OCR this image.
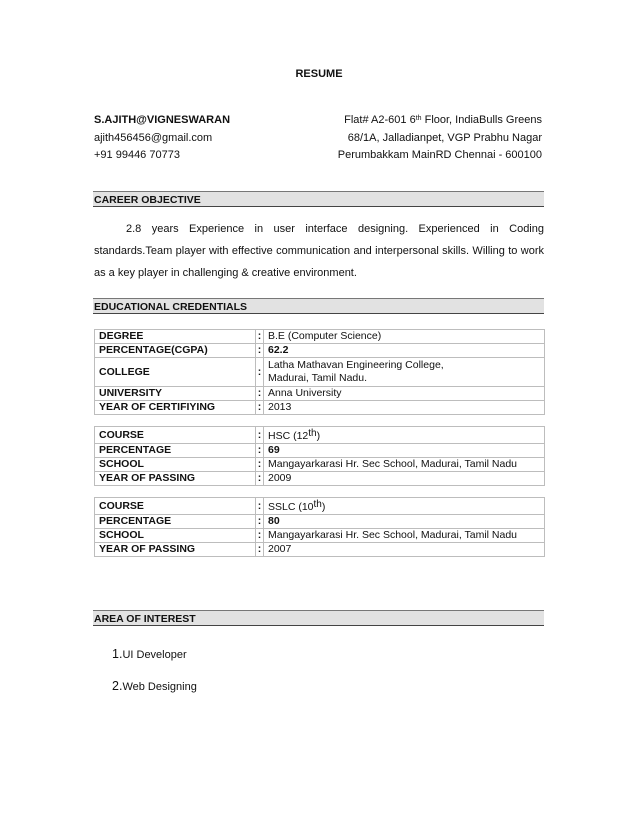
RESUME
S.AJITH@VIGNESWARAN
ajith456456@gmail.com
+91 99446 70773
Flat# A2-601 6th Floor, IndiaBulls Greens
68/1A, Jalladianpet, VGP Prabhu Nagar
Perumbakkam MainRD Chennai - 600100
CAREER OBJECTIVE
2.8 years Experience in user interface designing. Experienced in Coding standards.Team player with effective communication and interpersonal skills. Willing to work as a key player in challenging & creative environment.
EDUCATIONAL CREDENTIALS
DEGREE	:	B.E (Computer Science)
PERCENTAGE(CGPA)	:	62.2
COLLEGE	:	Latha Mathavan Engineering College,
Madurai, Tamil Nadu.

UNIVERSITY	:	Anna University
YEAR OF CERTIFIYING	:	2013
COURSE	:	HSC (12th)
PERCENTAGE	:	69
SCHOOL	:	Mangayarkarasi Hr. Sec School, Madurai, Tamil Nadu
YEAR OF PASSING	:	2009
COURSE	:	SSLC (10th)
PERCENTAGE	:	80
SCHOOL	:	Mangayarkarasi Hr. Sec School, Madurai, Tamil Nadu
YEAR OF PASSING	:	2007
AREA OF INTEREST
1.UI Developer
2.Web Designing
